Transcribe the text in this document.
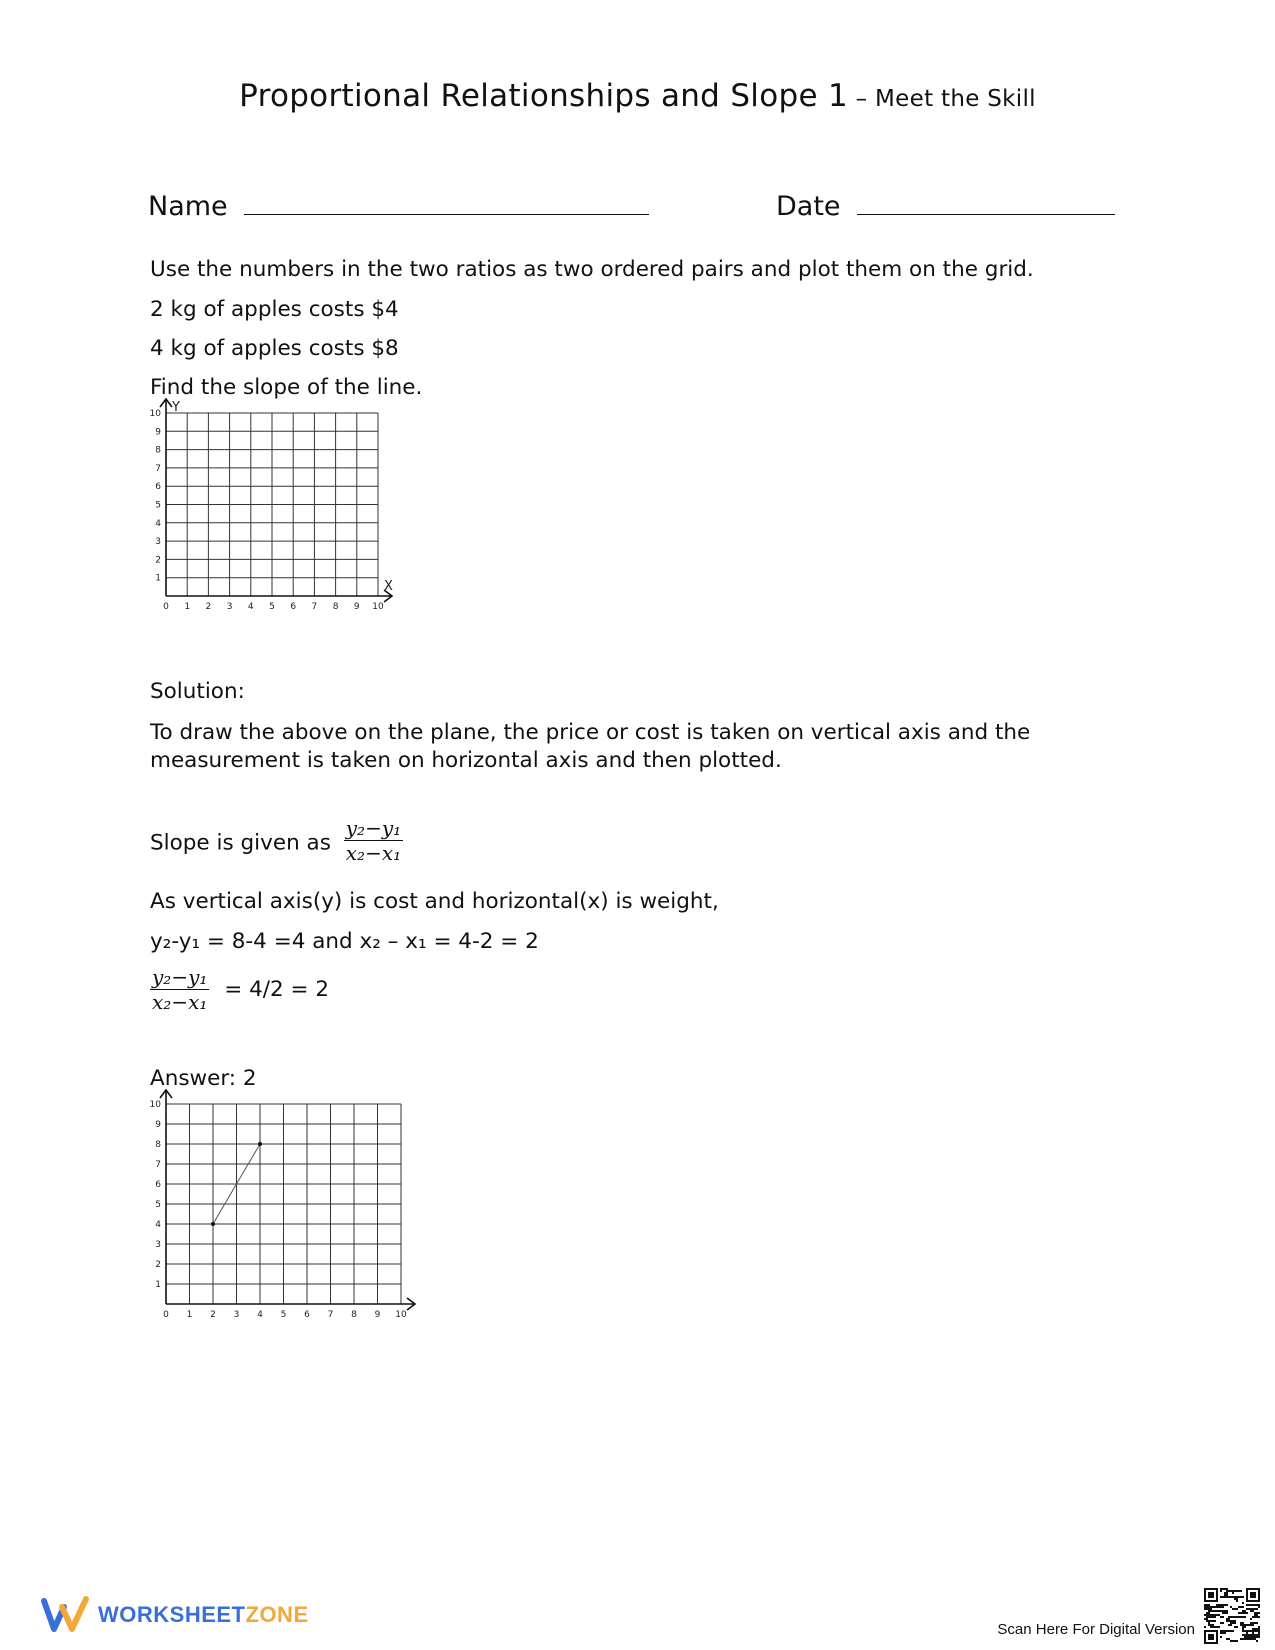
Proportional Relationships and Slope 1 – Meet the Skill
Name	Date
Use the numbers in the two ratios as two ordered pairs and plot them on the grid.
2 kg of apples costs $4
4 kg of apples costs $8
Find the slope of the line.
0 1 2 3 4 5 6 7 8 9 10
1
2
3
4
5
6
7
8
9
10
X
Y
Solution:
To draw the above on the plane, the price or cost is taken on vertical axis and the measurement is taken on horizontal axis and then plotted.
Slope is given as $\frac{\text{y₂−y₁}}{\text{x₂−x₁}}$
As vertical axis(y) is cost and horizontal(x) is weight,
y₂-y₁ = 8-4 =4 and x₂ – x₁ = 4-2 = 2
$\frac{\text{y₂−y₁}}{\text{x₂−x₁}} = 4/2 = 2$
Answer: 2
0 1 2 3 4 5 6 7 8 9 10
1
2
3
4
5
6
7
8
9
10
WORKSHEETZONE
Scan Here For Digital Version
